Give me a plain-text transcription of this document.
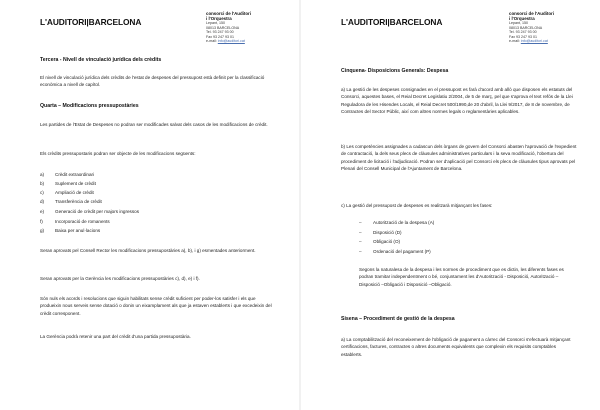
L'AUDITORI|BARCELONA
consorci de l'Auditori
i l'Orquestra
Lepant, 150
08013 BARCELONA
Tel. 93 247 93 00
Fax 93 247 93 01
e-mail: info@auditori.cat
Tercera - Nivell de vinculació jurídica dels crèdits
El nivell de vinculació jurídica dels crèdits de l'estat de despeses del pressupost està definit per la classificació econòmica a nivell de capítol.
Quarta – Modificacions pressupostàries
Les partides de l'Estat de Despeses no podran ser modificades salvat dels casos de les modificacions de crèdit.
Els crèdits pressupostaris podran ser objecte de les modificacions següents:
a) Crèdit extraordinari
b) Suplement de crèdit
c) Ampliació de crèdit
d) Transferència de crèdit
e) Generació de crèdit per majors ingressos
f)	Incorporació de romanents
g) Baixa per anul·lacions
Seran aprovats pel Consell Rector les modificacions pressupostàries a), b), i g) esmentades anteriorment.
Seran aprovats per la Gerència les modificacions pressupostàries c), d), e) i f).
Són nuls els acords i resolucions que siguin habilitats sense crèdit suficient per poder-los satisfer i els que produeixin nous serveis sense dotació o donin un eixamplament als que ja estaven establerts i que excedeixin del crèdit corresponent.
La Gerència podrà retenir una part del crèdit d'una partida pressupostària.
L'AUDITORI|BARCELONA
consorci de l'Auditori
i l'Orquestra
Lepant, 150
08013 BARCELONA
Tel. 93 247 93 00
Fax 93 247 93 01
e-mail: info@auditori.cat
Cinquena- Disposicions Generals: Despesa
a) La gestió de les despeses consignades en el pressupost es farà d'acord amb allò que disposen els estatuts del Consorci, aquestes bases, el Reial Decret Legislatiu 2/2004, de 5 de març, pel que s'aprova el text refós de la Llei Reguladora de les Hisendes Locals, el Reial Decret 500/1990,de 20 d'abril, la Llei 9/2017, de 8 de novembre, de Contractes del Sector Públic, així com altres normes legals o reglamentàries aplicables.
b) Les competències assignades a cadascun dels òrgans de govern del Consorci abasten l'aprovació de l'expedient de contractació, la dels seus plecs de clàusules administratives particulars i la seva modificació, l'obertura del procediment de licitació i l'adjudicació. Podran ser d'aplicació pel Consorci els plecs de clàusules tipus aprovats pel Plenari del Consell Municipal de l'Ajuntament de Barcelona.
c) La gestió del pressupost de despeses es realitzarà mitjançant les fases:
– Autorització de la despesa (A)
– Disposició (D)
– Obligació (O)
– Ordenació del pagament (P)
Segons la naturalesa de la despesa i les normes de procediment que es dictin, les diferents fases es podran tramitar independentment o bé, conjuntament les d'Autorització - Disposició, Autorització –Disposició –Obligació i Disposició –Obligació.
Sisena – Procediment de gestió de la despesa
a) La comptabilització del reconeixement de l'obligació de pagament a càrrec del Consorci s'efectuarà mitjançant certificacions, factures, contractes o altres documents equivalents que complexin els requisits comptables establerts.
